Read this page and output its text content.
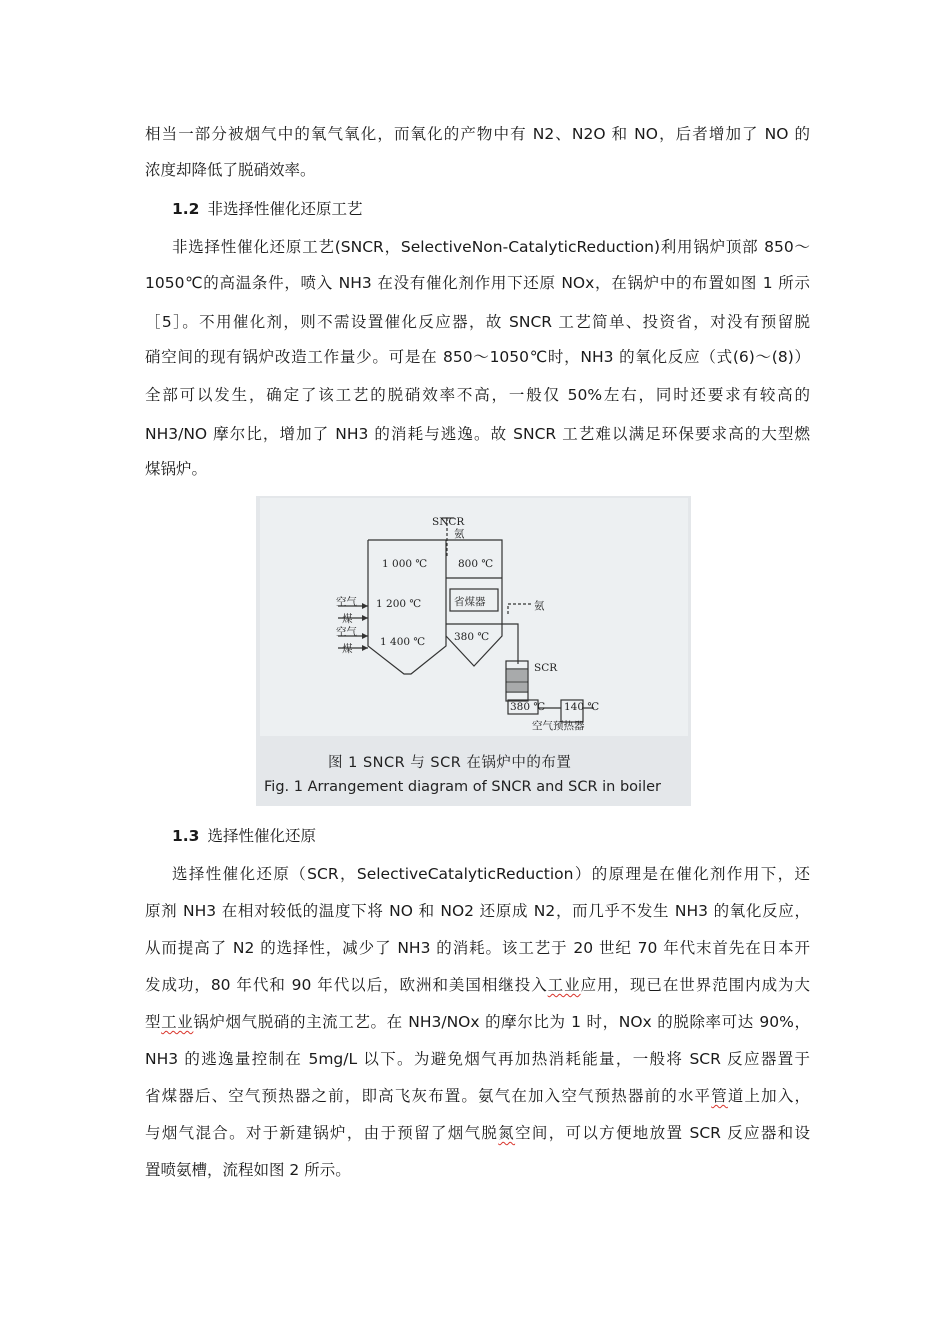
相当一部分被烟气中的氧气氧化，而氧化的产物中有 N2、N2O 和 NO，后者增加了 NO 的
浓度却降低了脱硝效率。
1.2 非选择性催化还原工艺
非选择性催化还原工艺(SNCR，SelectiveNon-CatalyticReduction)利用锅炉顶部 850～
1050℃的高温条件，喷入 NH3 在没有催化剂作用下还原 NOx，在锅炉中的布置如图 1 所示
［5］。不用催化剂，则不需设置催化反应器，故 SNCR 工艺简单、投资省，对没有预留脱
硝空间的现有锅炉改造工作量少。可是在 850～1050℃时，NH3 的氧化反应（式(6)～(8)）
全部可以发生，确定了该工艺的脱硝效率不高，一般仅 50%左右，同时还要求有较高的
NH3/NO 摩尔比，增加了 NH3 的消耗与逃逸。故 SNCR 工艺难以满足环保要求高的大型燃
煤锅炉。
SNCR
氨
1 000 ℃	800 ℃
1 200 ℃	省煤器	氨
空气
煤
空气
煤
1 400 ℃	380 ℃
SCR
380 ℃ 140 ℃
空气预热器
图 1 SNCR 与 SCR 在锅炉中的布置
Fig. 1 Arrangement diagram of SNCR and SCR in boiler
1.3 选择性催化还原
选择性催化还原（SCR，SelectiveCatalyticReduction）的原理是在催化剂作用下，还
原剂 NH3 在相对较低的温度下将 NO 和 NO2 还原成 N2，而几乎不发生 NH3 的氧化反应，
从而提高了 N2 的选择性，减少了 NH3 的消耗。该工艺于 20 世纪 70 年代末首先在日本开
发成功，80 年代和 90 年代以后，欧洲和美国相继投入工业应用，现已在世界范围内成为大
型工业锅炉烟气脱硝的主流工艺。在 NH3/NOx 的摩尔比为 1 时，NOx 的脱除率可达 90%，
NH3 的逃逸量控制在 5mg/L 以下。为避免烟气再加热消耗能量，一般将 SCR 反应器置于
省煤器后、空气预热器之前，即高飞灰布置。氨气在加入空气预热器前的水平管道上加入，
与烟气混合。对于新建锅炉，由于预留了烟气脱氮空间，可以方便地放置 SCR 反应器和设
置喷氨槽，流程如图 2 所示。
